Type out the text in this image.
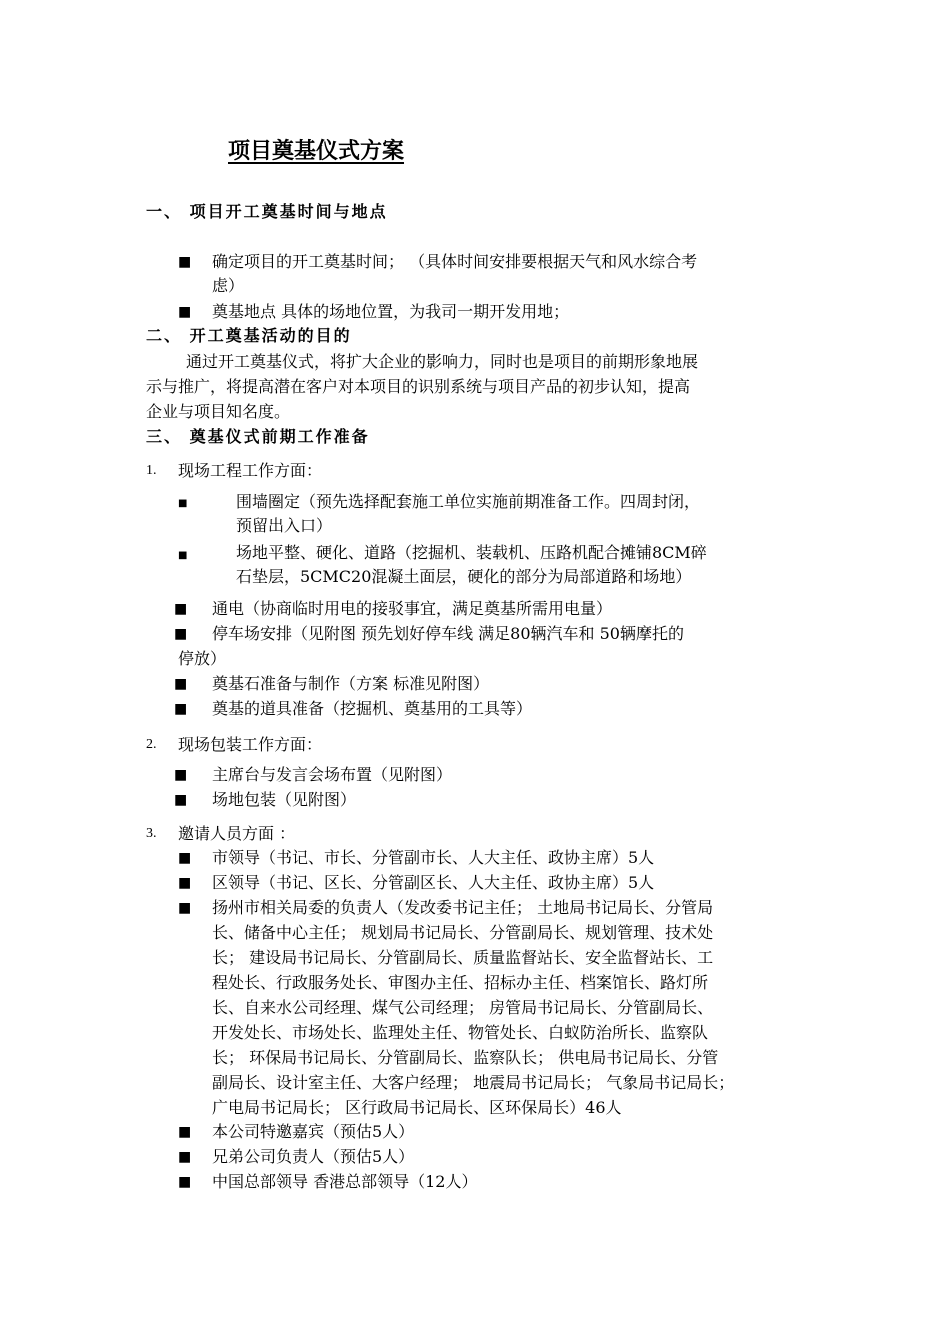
项目奠基仪式方案
一、 项目开工奠基时间与地点
■ 确定项目的开工奠基时间； （具体时间安排要根据天气和风水综合考
虑）
■ 奠基地点 具体的场地位置，为我司一期开发用地；
二、 开工奠基活动的目的
通过开工奠基仪式，将扩大企业的影响力，同时也是项目的前期形象地展
示与推广，将提高潜在客户对本项目的识别系统与项目产品的初步认知，提高
企业与项目知名度。
三、 奠基仪式前期工作准备
1. 现场工程工作方面：
■	围墙圈定（预先选择配套施工单位实施前期准备工作。四周封闭，
预留出入口）
■	场地平整、硬化、道路（挖掘机、装载机、压路机配合摊铺8CM碎
石垫层，5CMC20混凝土面层，硬化的部分为局部道路和场地）
■ 通电（协商临时用电的接驳事宜，满足奠基所需用电量）
■ 停车场安排（见附图 预先划好停车线 满足80辆汽车和 50辆摩托的
停放）
■ 奠基石准备与制作（方案 标准见附图）
■ 奠基的道具准备（挖掘机、奠基用的工具等）
2. 现场包装工作方面：
■ 主席台与发言会场布置（见附图）
■ 场地包装（见附图）
3. 邀请人员方面 ：
■ 市领导（书记、市长、分管副市长、人大主任、政协主席）5人
■ 区领导（书记、区长、分管副区长、人大主任、政协主席）5人
■ 扬州市相关局委的负责人（发改委书记主任； 土地局书记局长、分管局
长、储备中心主任； 规划局书记局长、分管副局长、规划管理、技术处
长； 建设局书记局长、分管副局长、质量监督站长、安全监督站长、工
程处长、行政服务处长、审图办主任、招标办主任、档案馆长、路灯所
长、自来水公司经理、煤气公司经理； 房管局书记局长、分管副局长、
开发处长、市场处长、监理处主任、物管处长、白蚁防治所长、监察队
长； 环保局书记局长、分管副局长、监察队长； 供电局书记局长、分管
副局长、设计室主任、大客户经理； 地震局书记局长； 气象局书记局长；
广电局书记局长； 区行政局书记局长、区环保局长）46人
■ 本公司特邀嘉宾（预估5人）
■ 兄弟公司负责人（预估5人）
■ 中国总部领导 香港总部领导（12人）
